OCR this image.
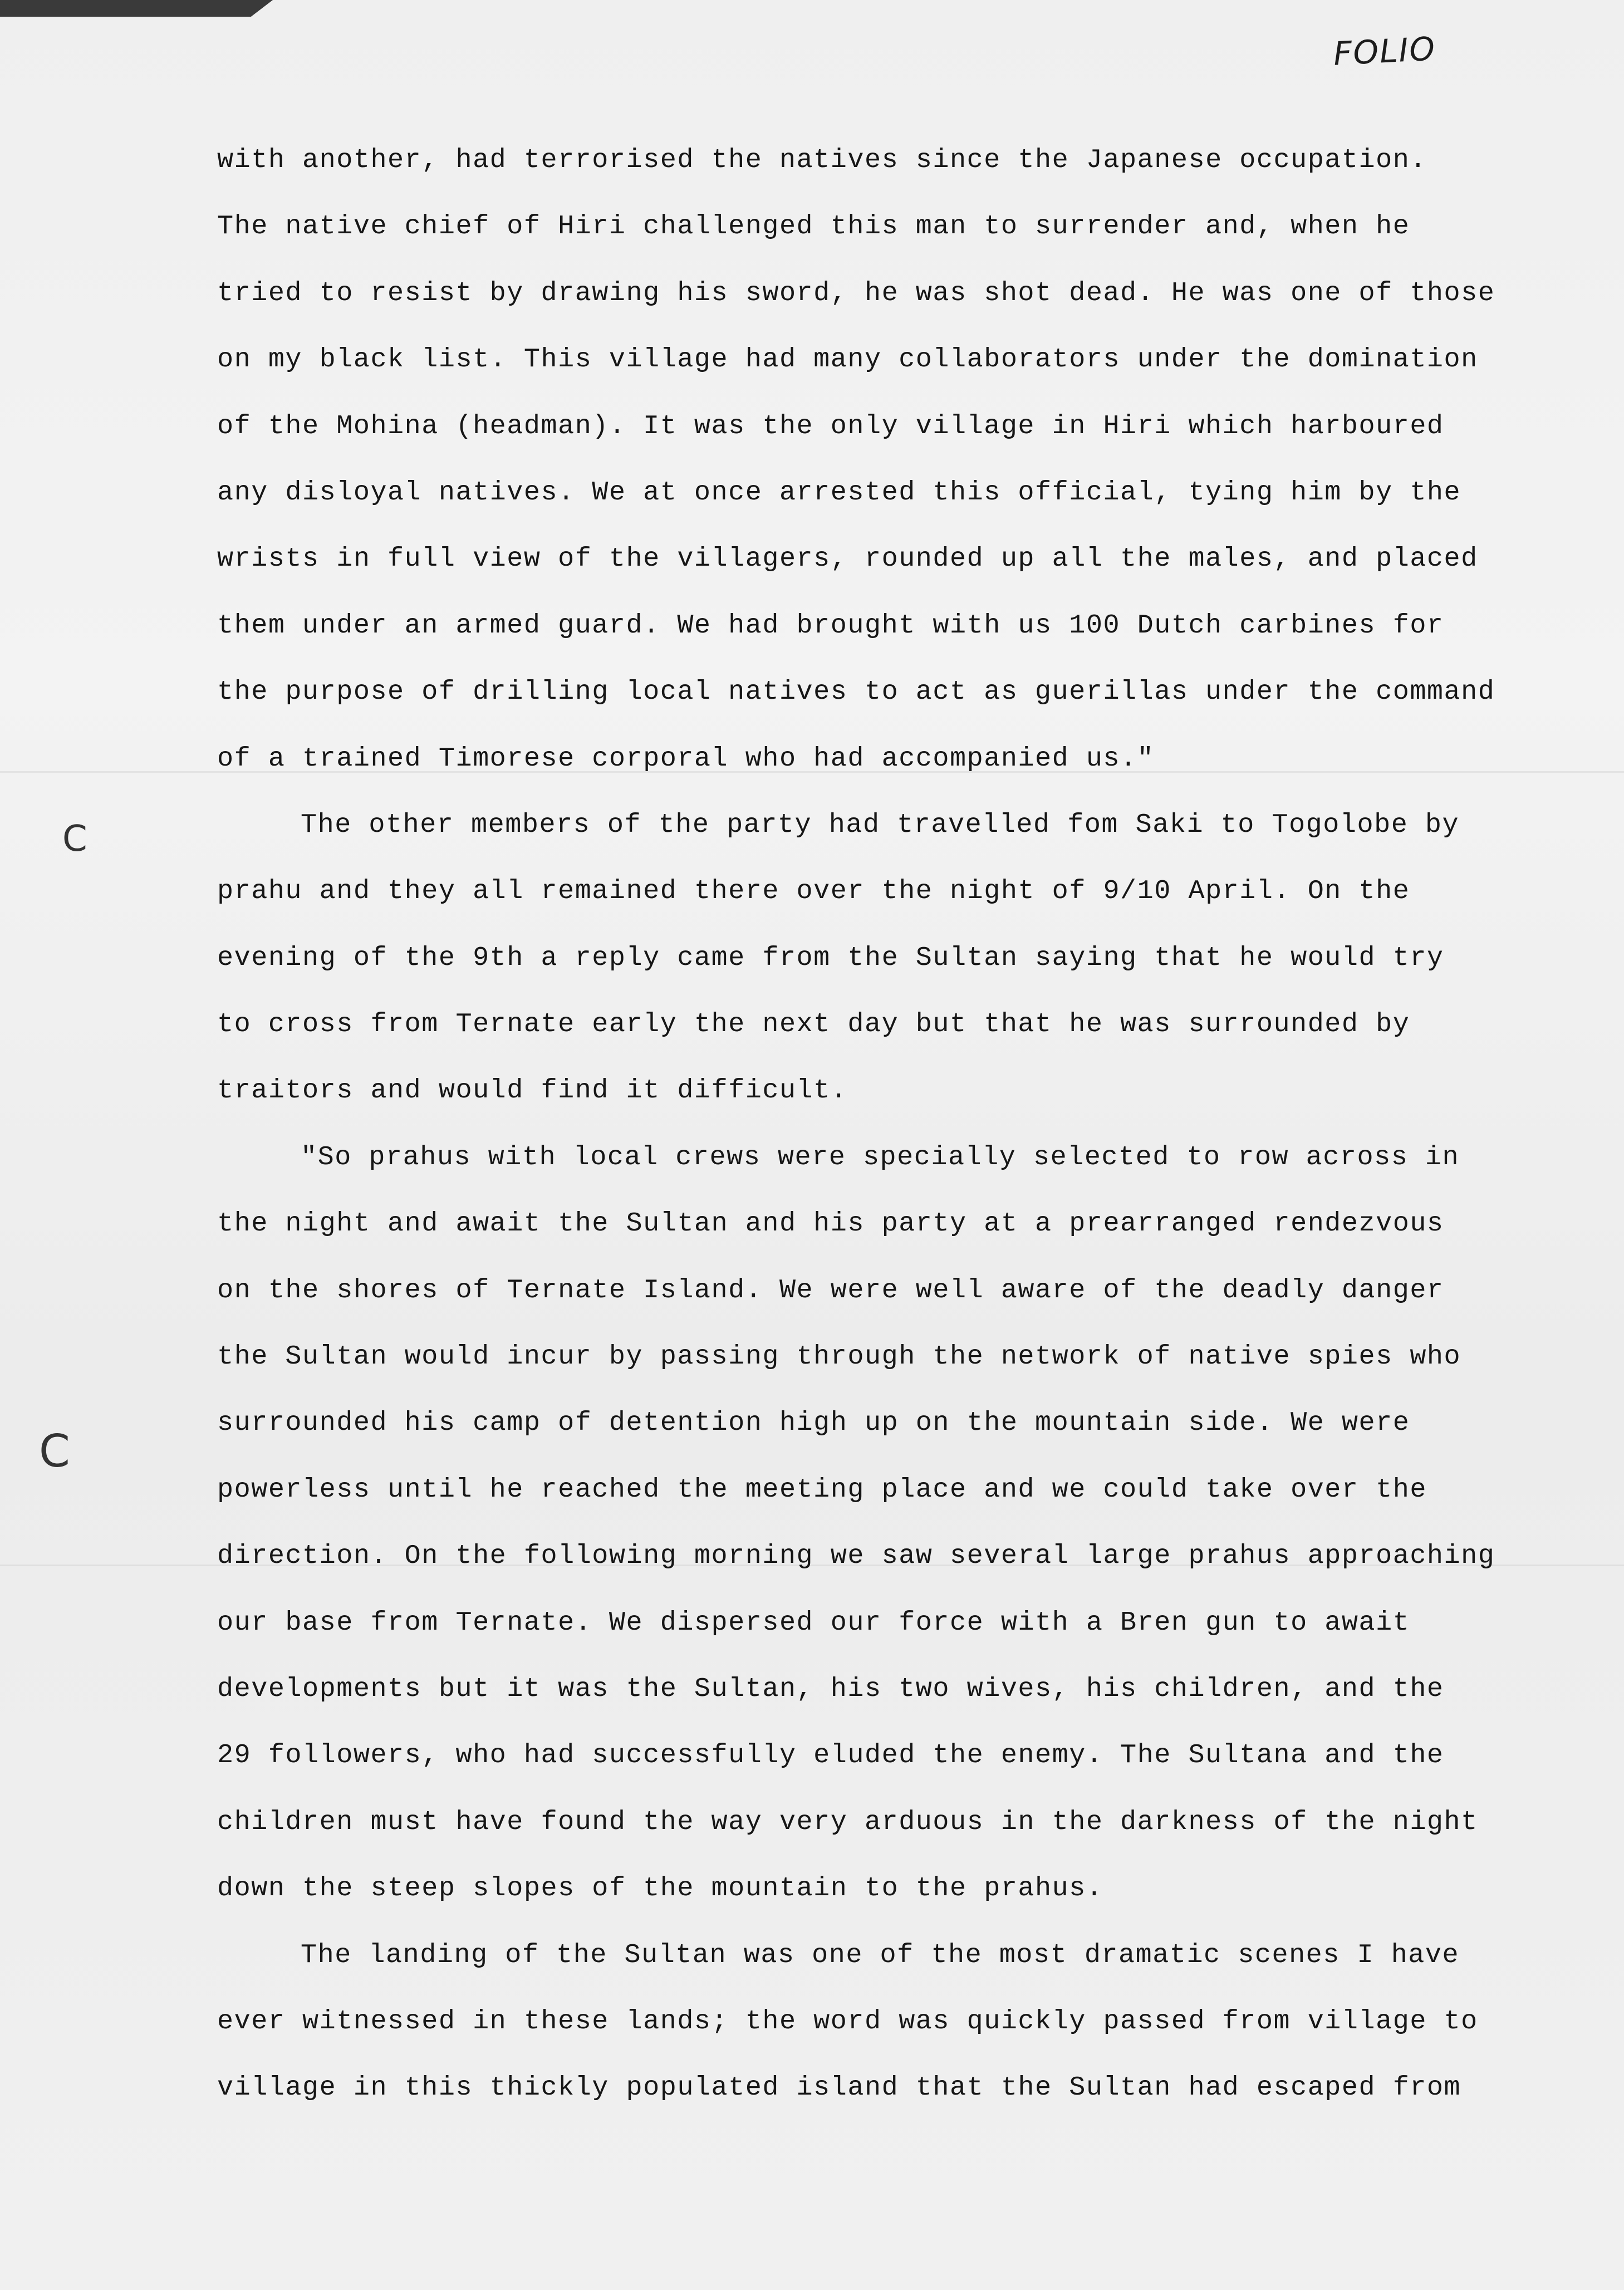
FOLIO
C
C
with another, had terrorised the natives since the Japanese occupation.
The native chief of Hiri challenged this man to surrender and, when he
tried to resist by drawing his sword, he was shot dead. He was one of those
on my black list. This village had many collaborators under the domination
of the Mohina (headman). It was the only village in Hiri which harboured
any disloyal natives. We at once arrested this official, tying him by the
wrists in full view of the villagers, rounded up all the males, and placed
them under an armed guard. We had brought with us 100 Dutch carbines for
the purpose of drilling local natives to act as guerillas under the command
of a trained Timorese corporal who had accompanied us."
The other members of the party had travelled fom Saki to Togolobe by
prahu and they all remained there over the night of 9/10 April. On the
evening of the 9th a reply came from the Sultan saying that he would try
to cross from Ternate early the next day but that he was surrounded by
traitors and would find it difficult.
"So prahus with local crews were specially selected to row across in
the night and await the Sultan and his party at a prearranged rendezvous
on the shores of Ternate Island. We were well aware of the deadly danger
the Sultan would incur by passing through the network of native spies who
surrounded his camp of detention high up on the mountain side. We were
powerless until he reached the meeting place and we could take over the
direction. On the following morning we saw several large prahus approaching
our base from Ternate. We dispersed our force with a Bren gun to await
developments but it was the Sultan, his two wives, his children, and the
29 followers, who had successfully eluded the enemy. The Sultana and the
children must have found the way very arduous in the darkness of the night
down the steep slopes of the mountain to the prahus.
The landing of the Sultan was one of the most dramatic scenes I have
ever witnessed in these lands; the word was quickly passed from village to
village in this thickly populated island that the Sultan had escaped from
